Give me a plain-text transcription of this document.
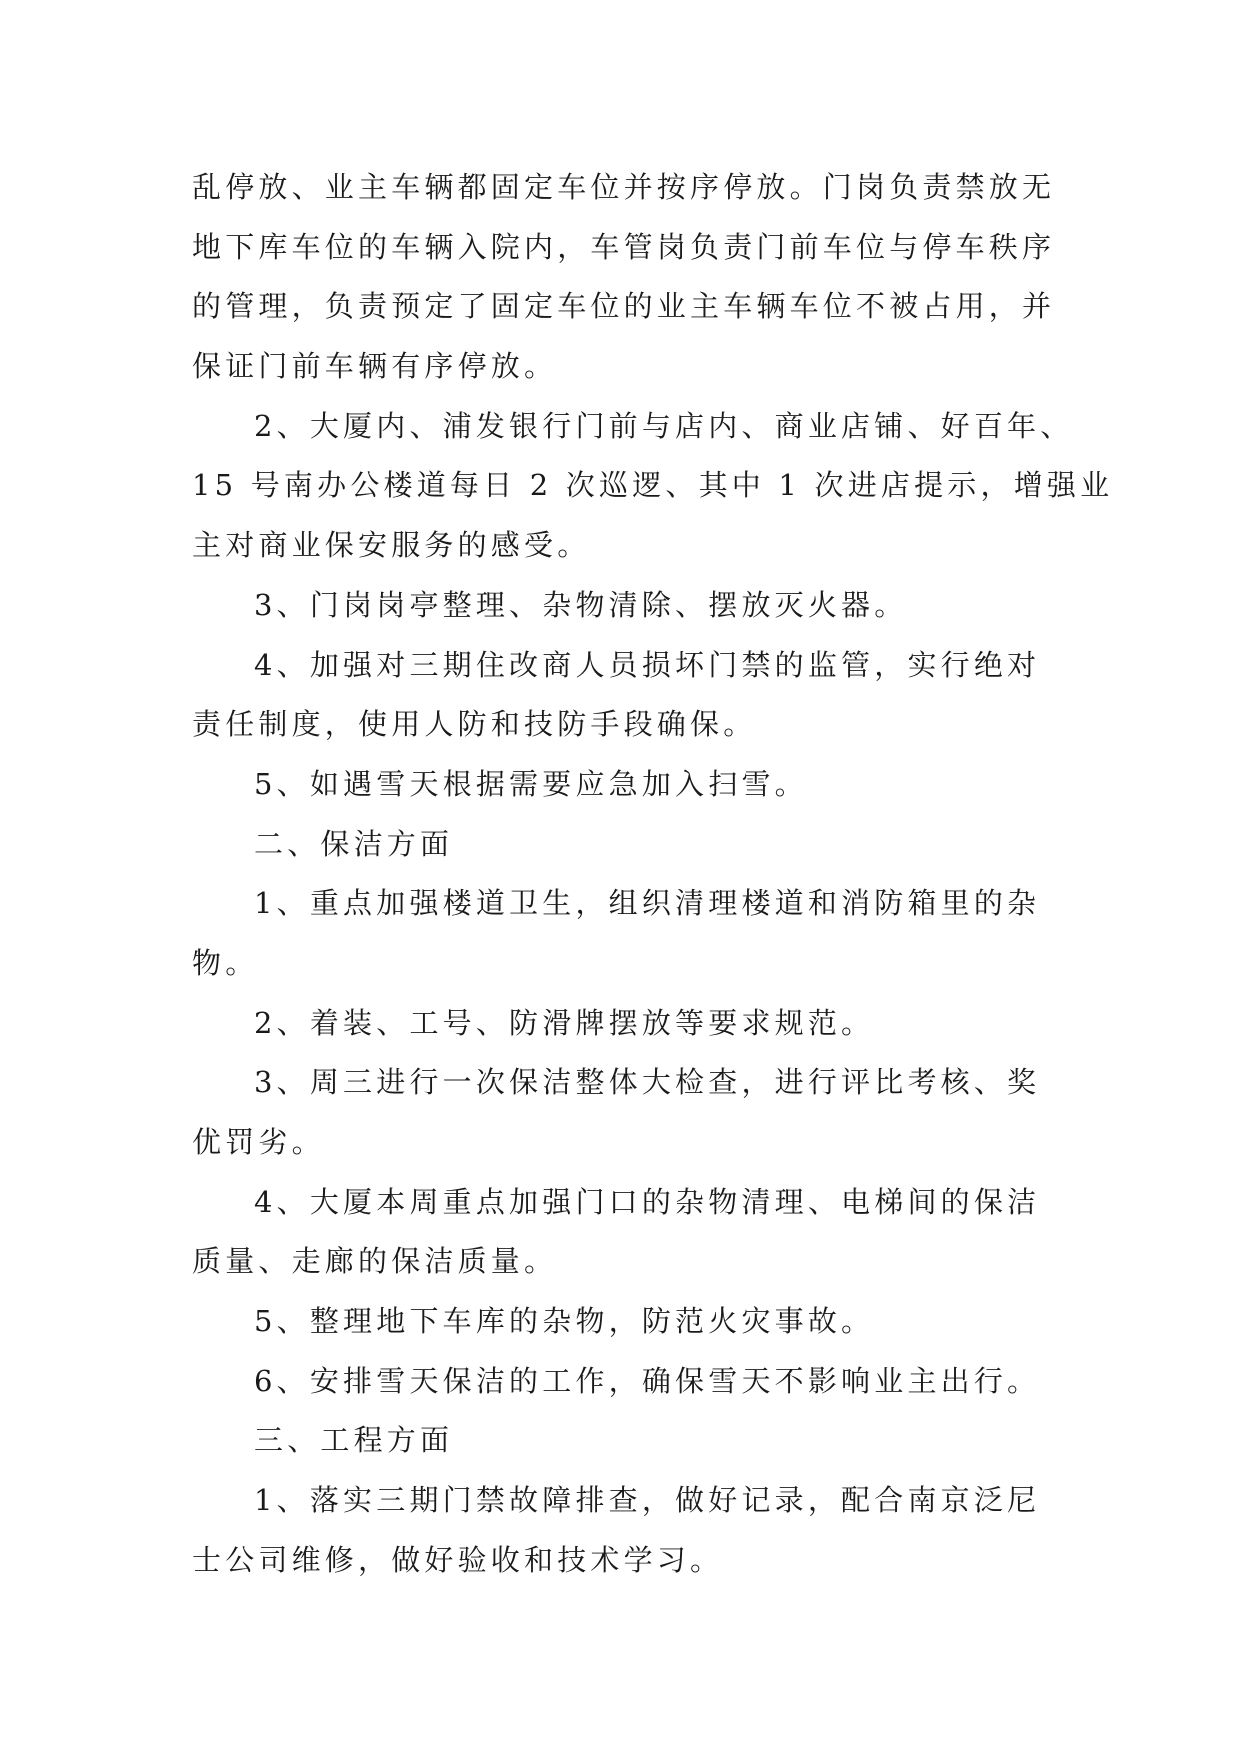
乱停放、业主车辆都固定车位并按序停放。门岗负责禁放无
地下库车位的车辆入院内，车管岗负责门前车位与停车秩序
的管理，负责预定了固定车位的业主车辆车位不被占用，并
保证门前车辆有序停放。
2、大厦内、浦发银行门前与店内、商业店铺、好百年、
15 号南办公楼道每日 2 次巡逻、其中 1 次进店提示，增强业
主对商业保安服务的感受。
3、门岗岗亭整理、杂物清除、摆放灭火器。
4、加强对三期住改商人员损坏门禁的监管，实行绝对
责任制度，使用人防和技防手段确保。
5、如遇雪天根据需要应急加入扫雪。
二、保洁方面
1、重点加强楼道卫生，组织清理楼道和消防箱里的杂
物。
2、着装、工号、防滑牌摆放等要求规范。
3、周三进行一次保洁整体大检查，进行评比考核、奖
优罚劣。
4、大厦本周重点加强门口的杂物清理、电梯间的保洁
质量、走廊的保洁质量。
5、整理地下车库的杂物，防范火灾事故。
6、安排雪天保洁的工作，确保雪天不影响业主出行。
三、工程方面
1、落实三期门禁故障排查，做好记录，配合南京泛尼
士公司维修，做好验收和技术学习。
